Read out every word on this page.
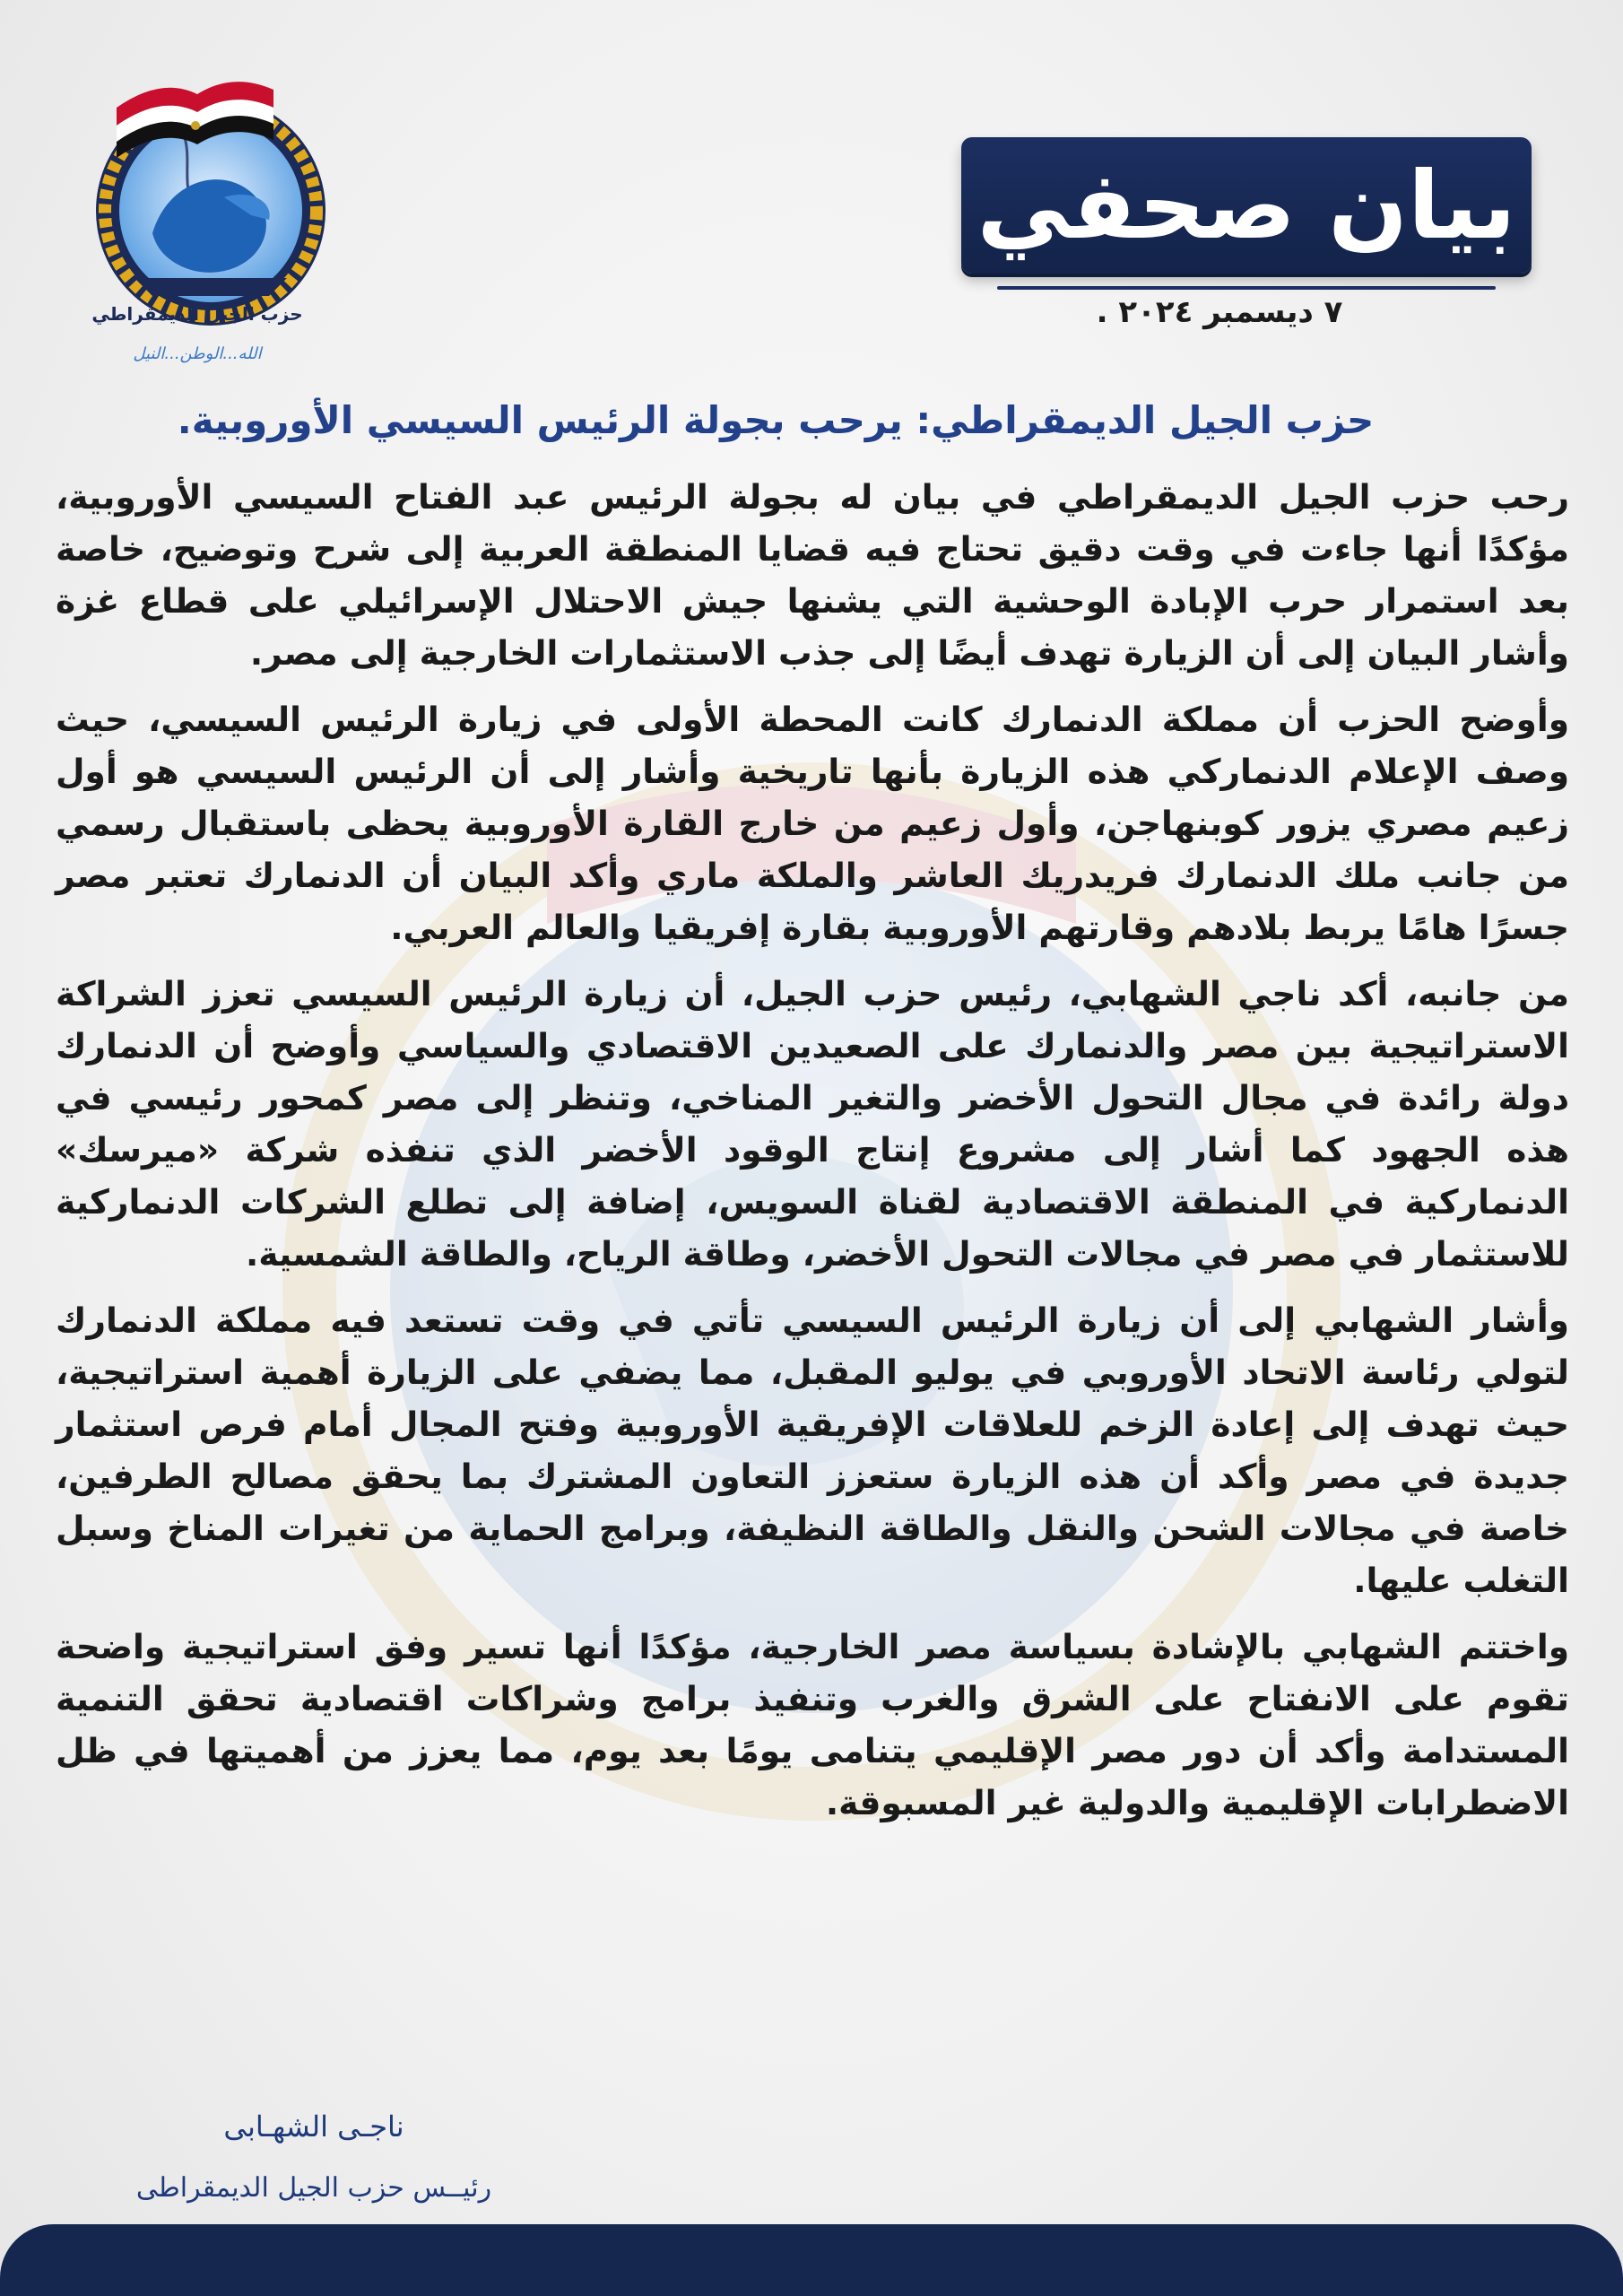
حزب الجيل الديمقراطي
الله...الوطن...النيل
بيان صحفي
٧ ديسمبر ٢٠٢٤ .
حزب الجيل الديمقراطي: يرحب بجولة الرئيس السيسي الأوروبية.

رحب حزب الجيل الديمقراطي في بيان له بجولة الرئيس عبد الفتاح السيسي الأوروبية، مؤكدًا أنها جاءت في وقت دقيق تحتاج فيه قضايا المنطقة العربية إلى شرح وتوضيح، خاصة بعد استمرار حرب الإبادة الوحشية التي يشنها جيش الاحتلال الإسرائيلي على قطاع غزة وأشار البيان إلى أن الزيارة تهدف أيضًا إلى جذب الاستثمارات الخارجية إلى مصر.

وأوضح الحزب أن مملكة الدنمارك كانت المحطة الأولى في زيارة الرئيس السيسي، حيث وصف الإعلام الدنماركي هذه الزيارة بأنها تاريخية وأشار إلى أن الرئيس السيسي هو أول زعيم مصري يزور كوبنهاجن، وأول زعيم من خارج القارة الأوروبية يحظى باستقبال رسمي من جانب ملك الدنمارك فريدريك العاشر والملكة ماري وأكد البيان أن الدنمارك تعتبر مصر جسرًا هامًا يربط بلادهم وقارتهم الأوروبية بقارة إفريقيا والعالم العربي.

من جانبه، أكد ناجي الشهابي، رئيس حزب الجيل، أن زيارة الرئيس السيسي تعزز الشراكة الاستراتيجية بين مصر والدنمارك على الصعيدين الاقتصادي والسياسي وأوضح أن الدنمارك دولة رائدة في مجال التحول الأخضر والتغير المناخي، وتنظر إلى مصر كمحور رئيسي في هذه الجهود كما أشار إلى مشروع إنتاج الوقود الأخضر الذي تنفذه شركة «ميرسك» الدنماركية في المنطقة الاقتصادية لقناة السويس، إضافة إلى تطلع الشركات الدنماركية للاستثمار في مصر في مجالات التحول الأخضر، وطاقة الرياح، والطاقة الشمسية.

وأشار الشهابي إلى أن زيارة الرئيس السيسي تأتي في وقت تستعد فيه مملكة الدنمارك لتولي رئاسة الاتحاد الأوروبي في يوليو المقبل، مما يضفي على الزيارة أهمية استراتيجية، حيث تهدف إلى إعادة الزخم للعلاقات الإفريقية الأوروبية وفتح المجال أمام فرص استثمار جديدة في مصر وأكد أن هذه الزيارة ستعزز التعاون المشترك بما يحقق مصالح الطرفين، خاصة في مجالات الشحن والنقل والطاقة النظيفة، وبرامج الحماية من تغيرات المناخ وسبل التغلب عليها.

واختتم الشهابي بالإشادة بسياسة مصر الخارجية، مؤكدًا أنها تسير وفق استراتيجية واضحة تقوم على الانفتاح على الشرق والغرب وتنفيذ برامج وشراكات اقتصادية تحقق التنمية المستدامة وأكد أن دور مصر الإقليمي يتنامى يومًا بعد يوم، مما يعزز من أهميتها في ظل الاضطرابات الإقليمية والدولية غير المسبوقة.

ناجـى الشهـابى
رئيــس حزب الجيل الديمقراطى
